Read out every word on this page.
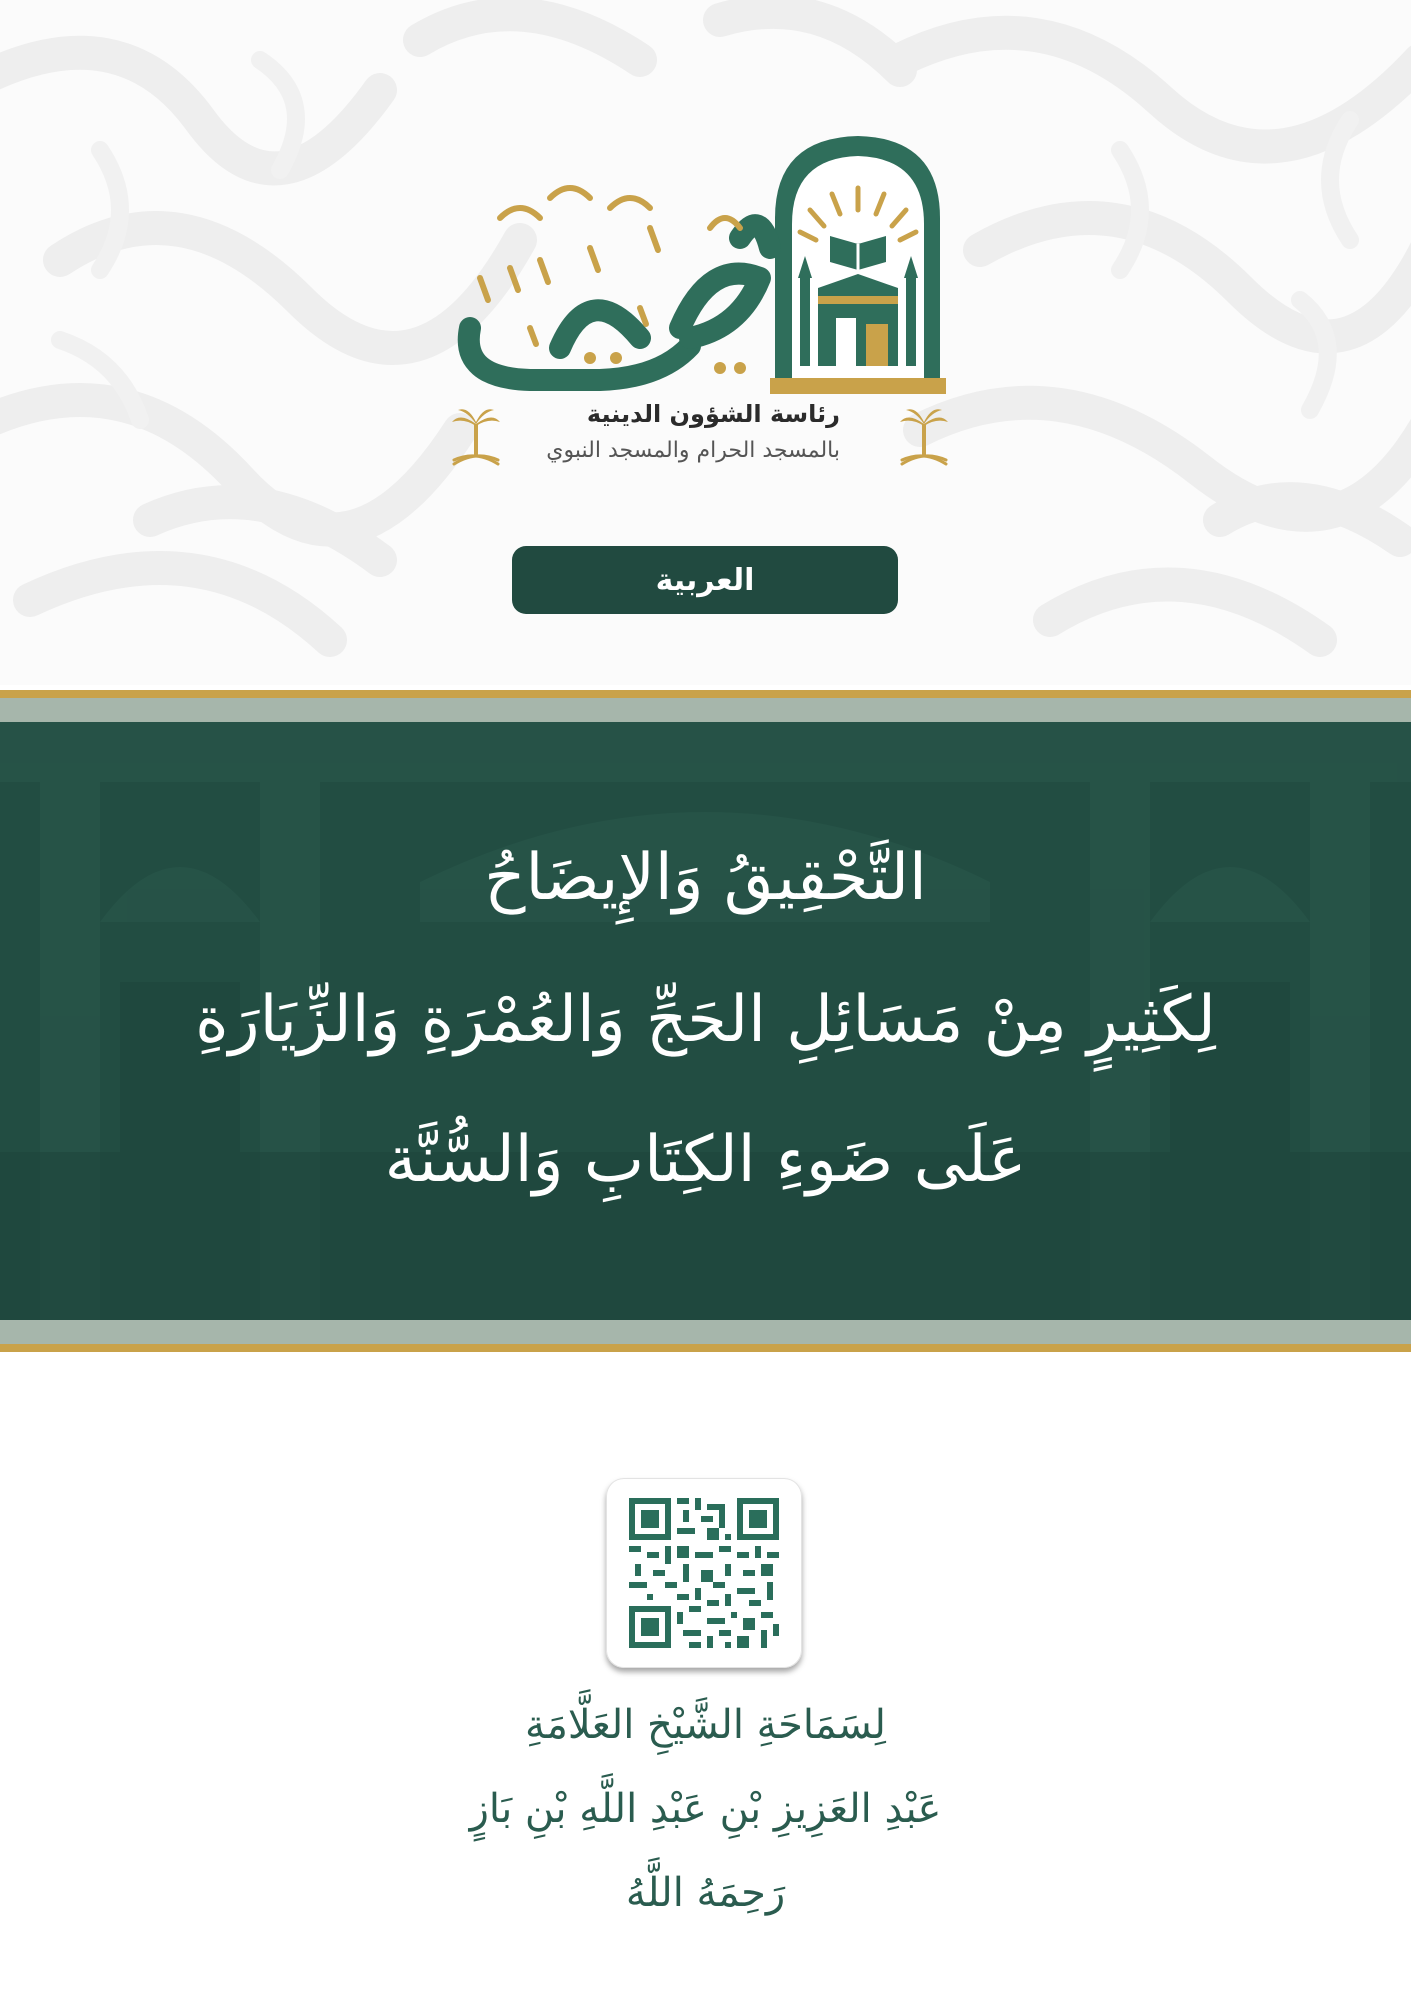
رئاسة الشؤون الدينية
بالمسجد الحرام والمسجد النبوي
العربية
التَّحْقِيقُ وَالإِيضَاحُ
لِكَثِيرٍ مِنْ مَسَائِلِ الحَجِّ وَالعُمْرَةِ وَالزِّيَارَةِ
عَلَى ضَوءِ الكِتَابِ وَالسُّنَّة
لِسَمَاحَةِ الشَّيْخِ العَلَّامَةِ
عَبْدِ العَزِيزِ بْنِ عَبْدِ اللَّهِ بْنِ بَازٍ
رَحِمَهُ اللَّهُ
